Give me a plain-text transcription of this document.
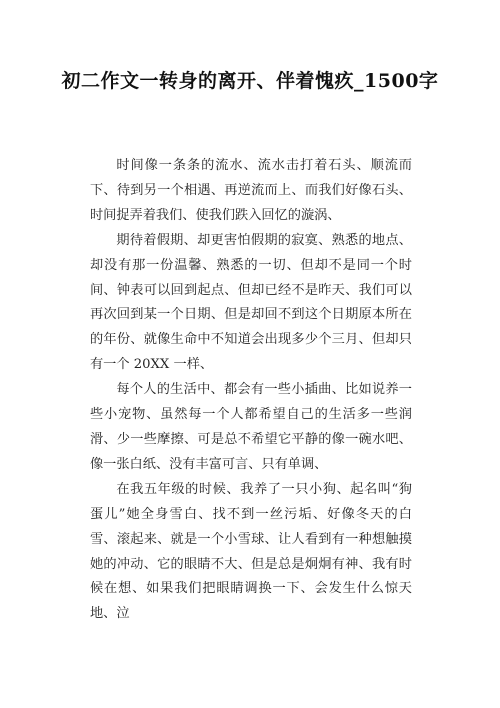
初二作文一转身的离开、伴着愧疚_1500字

时间像一条条的流水、流水击打着石头、顺流而下、待到另一个相遇、再逆流而上、而我们好像石头、时间捉弄着我们、使我们跌入回忆的漩涡、

期待着假期、却更害怕假期的寂寞、熟悉的地点、却没有那一份温馨、熟悉的一切、但却不是同一个时间、钟表可以回到起点、但却已经不是昨天、我们可以再次回到某一个日期、但是却回不到这个日期原本所在的年份、就像生命中不知道会出现多少个三月、但却只有一个 20XX 一样、

每个人的生活中、都会有一些小插曲、比如说养一些小宠物、虽然每一个人都希望自己的生活多一些润滑、少一些摩擦、可是总不希望它平静的像一碗水吧、像一张白纸、没有丰富可言、只有单调、

在我五年级的时候、我养了一只小狗、起名叫“狗蛋儿”她全身雪白、找不到一丝污垢、好像冬天的白雪、滚起来、就是一个小雪球、让人看到有一种想触摸她的冲动、它的眼睛不大、但是总是炯炯有神、我有时候在想、如果我们把眼睛调换一下、会发生什么惊天地、泣
